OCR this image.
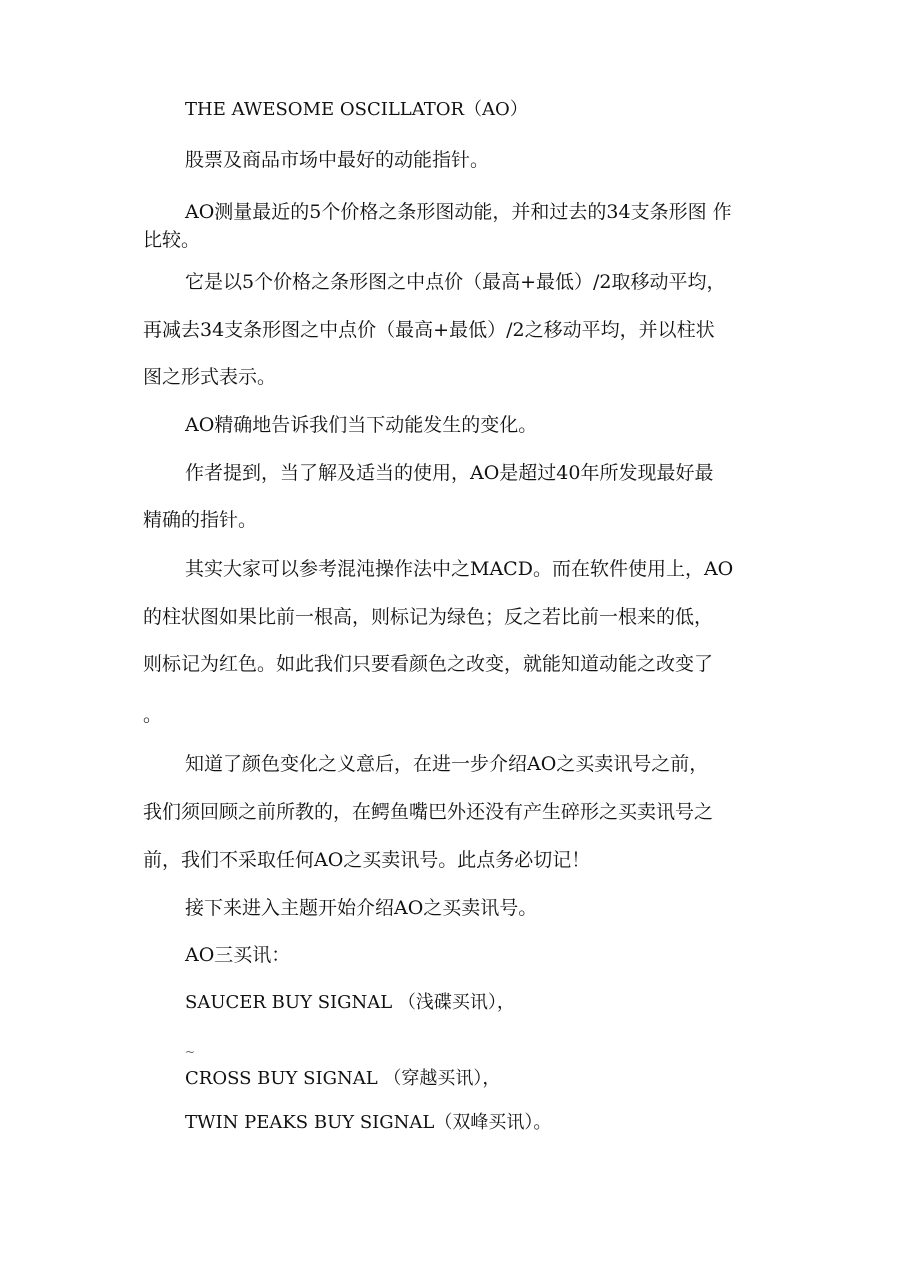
THE AWESOME OSCILLATOR（AO）
股票及商品市场中最好的动能指针。
AO测量最近的5个价格之条形图动能，并和过去的34支条形图 作
比较。
它是以5个价格之条形图之中点价（最高+最低）/2取移动平均，
再减去34支条形图之中点价（最高+最低）/2之移动平均，并以柱状
图之形式表示。
AO精确地告诉我们当下动能发生的变化。
作者提到，当了解及适当的使用，AO是超过40年所发现最好最
精确的指针。
其实大家可以参考混沌操作法中之MACD。而在软件使用上，AO
的柱状图如果比前一根高，则标记为绿色；反之若比前一根来的低，
则标记为红色。如此我们只要看颜色之改变，就能知道动能之改变了
。
知道了颜色变化之义意后，在进一步介绍AO之买卖讯号之前，
我们须回顾之前所教的，在鳄鱼嘴巴外还没有产生碎形之买卖讯号之
前，我们不采取任何AO之买卖讯号。此点务必切记！
接下来进入主题开始介绍AO之买卖讯号。
AO三买讯：
SAUCER BUY SIGNAL （浅碟买讯），
~
CROSS BUY SIGNAL （穿越买讯），
TWIN PEAKS BUY SIGNAL（双峰买讯）。
